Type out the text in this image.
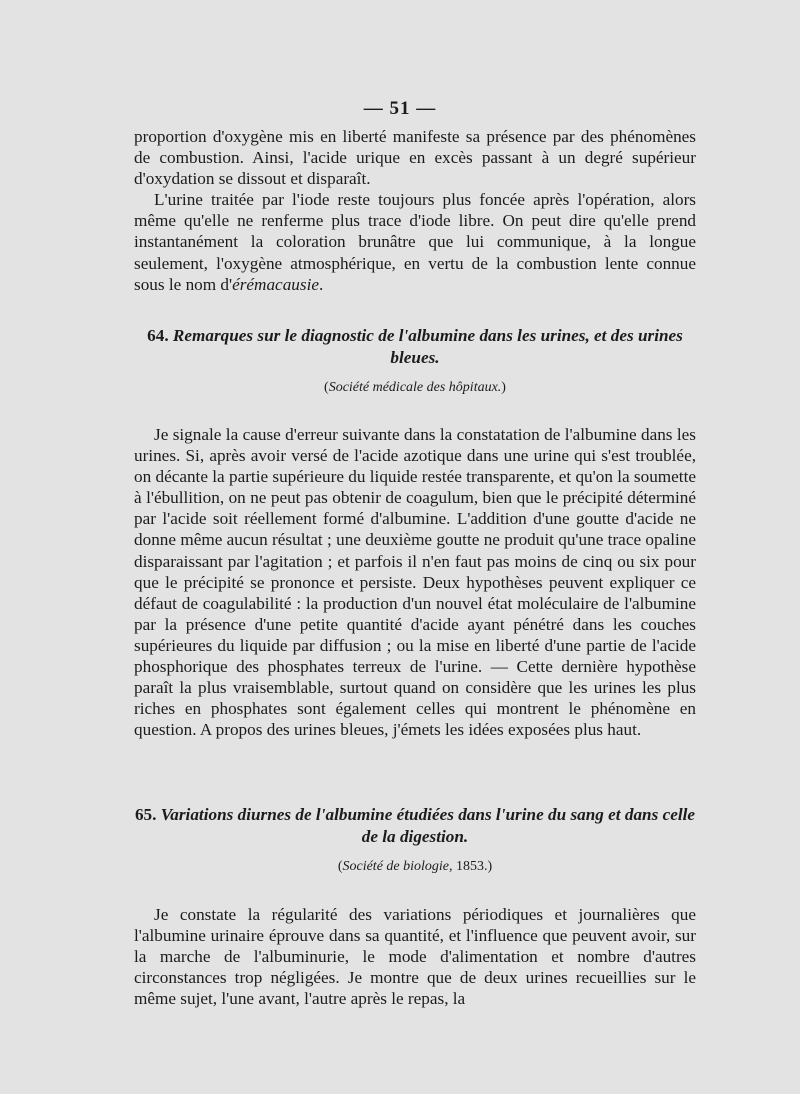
— 51 —

proportion d'oxygène mis en liberté manifeste sa présence par des phénomènes de combustion. Ainsi, l'acide urique en excès passant à un degré supérieur d'oxydation se dissout et disparaît.

L'urine traitée par l'iode reste toujours plus foncée après l'opération, alors même qu'elle ne renferme plus trace d'iode libre. On peut dire qu'elle prend instantanément la coloration brunâtre que lui communique, à la longue seulement, l'oxygène atmosphérique, en vertu de la combustion lente connue sous le nom d'érémacausie.

64. Remarques sur le diagnostic de l'albumine dans les urines, et des urines bleues.
(Société médicale des hôpitaux.)

Je signale la cause d'erreur suivante dans la constatation de l'albumine dans les urines. Si, après avoir versé de l'acide azotique dans une urine qui s'est troublée, on décante la partie supérieure du liquide restée transparente, et qu'on la soumette à l'ébullition, on ne peut pas obtenir de coagulum, bien que le précipité déterminé par l'acide soit réellement formé d'albumine. L'addition d'une goutte d'acide ne donne même aucun résultat ; une deuxième goutte ne produit qu'une trace opaline disparaissant par l'agitation ; et parfois il n'en faut pas moins de cinq ou six pour que le précipité se prononce et persiste. Deux hypothèses peuvent expliquer ce défaut de coagulabilité : la production d'un nouvel état moléculaire de l'albumine par la présence d'une petite quantité d'acide ayant pénétré dans les couches supérieures du liquide par diffusion ; ou la mise en liberté d'une partie de l'acide phosphorique des phosphates terreux de l'urine. — Cette dernière hypothèse paraît la plus vraisemblable, surtout quand on considère que les urines les plus riches en phosphates sont également celles qui montrent le phénomène en question. A propos des urines bleues, j'émets les idées exposées plus haut.

65. Variations diurnes de l'albumine étudiées dans l'urine du sang et dans celle de la digestion.
(Société de biologie, 1853.)

Je constate la régularité des variations périodiques et journalières que l'albumine urinaire éprouve dans sa quantité, et l'influence que peuvent avoir, sur la marche de l'albuminurie, le mode d'alimentation et nombre d'autres circonstances trop négligées. Je montre que de deux urines recueillies sur le même sujet, l'une avant, l'autre après le repas, la
